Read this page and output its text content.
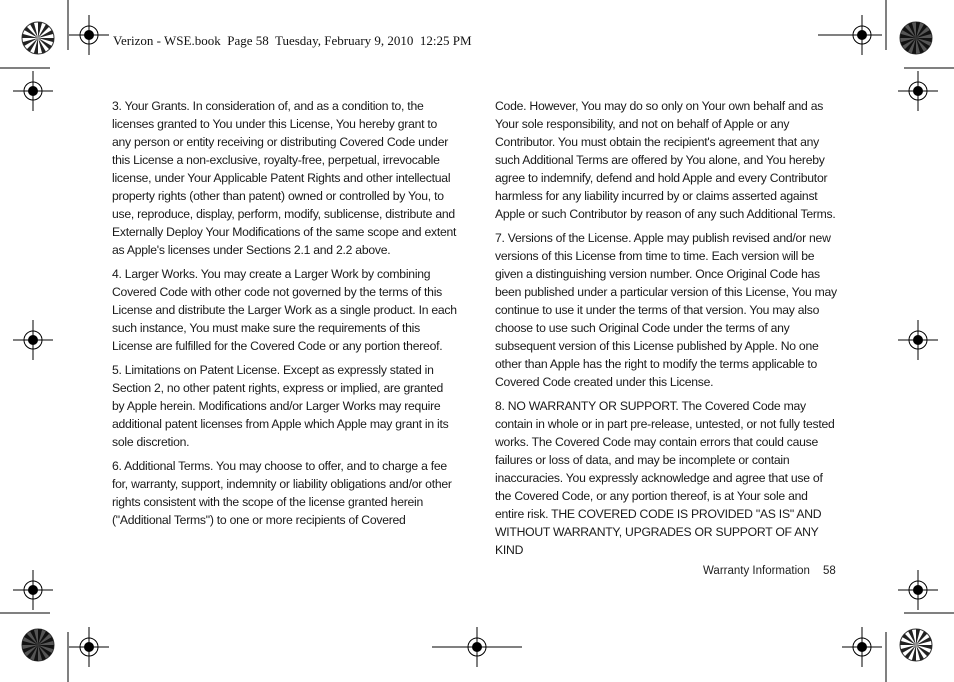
Verizon - WSE.book  Page 58  Tuesday, February 9, 2010  12:25 PM

3. Your Grants. In consideration of, and as a condition to, the licenses granted to You under this License, You hereby grant to any person or entity receiving or distributing Covered Code under this License a non-exclusive, royalty-free, perpetual, irrevocable license, under Your Applicable Patent Rights and other intellectual property rights (other than patent) owned or controlled by You, to use, reproduce, display, perform, modify, sublicense, distribute and Externally Deploy Your Modifications of the same scope and extent as Apple's licenses under Sections 2.1 and 2.2 above.

4. Larger Works. You may create a Larger Work by combining Covered Code with other code not governed by the terms of this License and distribute the Larger Work as a single product. In each such instance, You must make sure the requirements of this License are fulfilled for the Covered Code or any portion thereof.

5. Limitations on Patent License. Except as expressly stated in Section 2, no other patent rights, express or implied, are granted by Apple herein. Modifications and/or Larger Works may require additional patent licenses from Apple which Apple may grant in its sole discretion.

6. Additional Terms. You may choose to offer, and to charge a fee for, warranty, support, indemnity or liability obligations and/or other rights consistent with the scope of the license granted herein ("Additional Terms") to one or more recipients of Covered

Code. However, You may do so only on Your own behalf and as Your sole responsibility, and not on behalf of Apple or any Contributor. You must obtain the recipient's agreement that any such Additional Terms are offered by You alone, and You hereby agree to indemnify, defend and hold Apple and every Contributor harmless for any liability incurred by or claims asserted against Apple or such Contributor by reason of any such Additional Terms.

7. Versions of the License. Apple may publish revised and/or new versions of this License from time to time. Each version will be given a distinguishing version number. Once Original Code has been published under a particular version of this License, You may continue to use it under the terms of that version. You may also choose to use such Original Code under the terms of any subsequent version of this License published by Apple. No one other than Apple has the right to modify the terms applicable to Covered Code created under this License.

8. NO WARRANTY OR SUPPORT. The Covered Code may contain in whole or in part pre-release, untested, or not fully tested works. The Covered Code may contain errors that could cause failures or loss of data, and may be incomplete or contain inaccuracies. You expressly acknowledge and agree that use of the Covered Code, or any portion thereof, is at Your sole and entire risk. THE COVERED CODE IS PROVIDED "AS IS" AND WITHOUT WARRANTY, UPGRADES OR SUPPORT OF ANY KIND

Warranty Information 58
